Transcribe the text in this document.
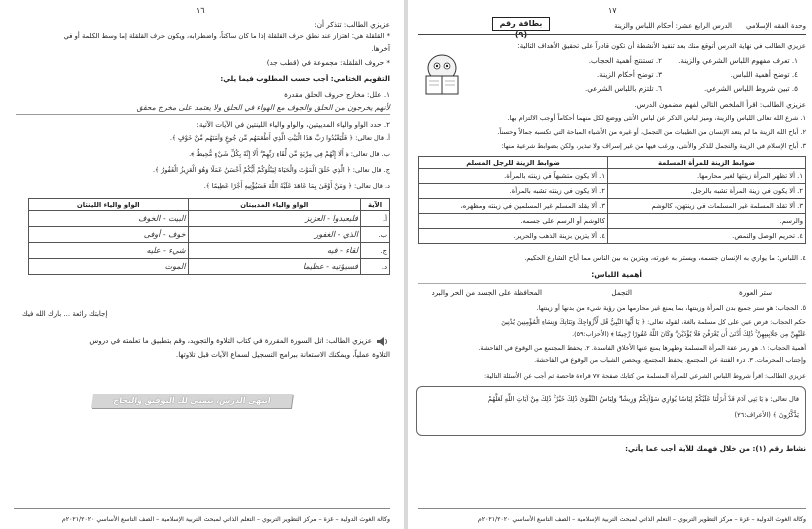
١٦
عزيزي الطالب: تتذكر أن:
* القلقلة هي: اهتزاز عند نطق حرف القلقلة إذا ما كان ساكناً، واضطرابه، ويكون حرف القلقلة إما وسط الكلمة أو في
آخرها.
* حروف القلقلة: مجموعة في (قطب جد)
التقويم الختامي: أجب حسب المطلوب فيما يلي:
١. علل: مخارج حروف الحلق مقدرة
لأنهم يخرجون من الحلق والجوف مع الهواء في الحلق ولا يعتمد على مخرج محقق
٢. حدد الواو والياء المدييتين، والواو والياء اللينتين في الآيات الآتية:
أ. قال تعالى: ﴿ فَلْيَعْبُدُوا رَبَّ هَذَا الْبَيْتِ الَّذِي أَطْعَمَهُم مِّن جُوعٍ وَآمَنَهُم مِّنْ خَوْفٍ ﴾.
ب. قال تعالى: ﴿ أَلَا إِنَّهُمْ فِي مِرْيَةٍ مِّن لِّقَاءِ رَبِّهِمْ ۗ أَلَا إِنَّهُ بِكُلِّ شَيْءٍ مُّحِيطٌ ﴾.
ج. قال تعالى: ﴿ الَّذِي خَلَقَ الْمَوْتَ وَالْحَيَاةَ لِيَبْلُوَكُمْ أَيُّكُمْ أَحْسَنُ عَمَلًا وَهُوَ الْعَزِيزُ الْغَفُورُ ﴾.
د. قال تعالى: ﴿ وَمَنْ أَوْفَىٰ بِمَا عَاهَدَ عَلَيْهُ اللَّهَ فَسَيُؤْتِيهِ أَجْرًا عَظِيمًا ﴾.
الآية	الواو والياء المدييتان	الواو والياء اللينتان
أ.	فليعبدوا - العزيز	البيت - الخوف
ب.	الذي - الغفور	خوف - أوفى
ج.	لقاء - فيه	شيء - عليه
د.	فسيؤتيه - عظيما	الموت
إجابتك رائعة ... بارك الله فيك
عزيزي الطالب: اتل السورة المقررة في كتاب التلاوة والتجويد، وقم بتطبيق ما تعلمته في دروس
التلاوة عملياً، ويمكنك الاستعانة ببرامج التسجيل لسماع الآيات قبل تلاوتها.
انتهى الدرس، نتمنى لك التوفيق والنجاح
وكالة الغوث الدولية – غزة – مركز التطوير التربوي – التعلم الذاتي لمبحث التربية الإسلامية – الصف التاسع الأساسي ٢٠٢١/٢٠٢٠م
١٧
وحدة الفقه الإسلامي
بطاقة رقم	الدرس الرابع عشر: أحكام اللباس والزينة
عزيزي الطالب في نهاية الدرس أتوقع منك بعد تنفيذ الأنشطة أن تكون قادراً على تحقيق الأهداف التالية:
١. تعرف مفهوم اللباس الشرعي والزينة.
٢. تستنتج أهمية الحجاب.
٤. توضح أهمية اللباس.
٣. توضح أحكام الزينة.
٥. تبين شروط اللباس الشرعي.
٦. تلتزم باللباس الشرعي.
عزيزي الطالب: اقرأ الملخص التالي لفهم مضمون الدرس.
١. شرع الله تعالى اللباس والزينة، وميز لباس الذكر عن لباس الأنثى ووضع لكل منهما أحكاماً أوجب الالتزام بها.
٢. أباح الله الزينة ما لم يتعد الإنسان من الطيبات من التجمل، أو غيره من الأشياء المباحة التي تكسبه جمالاً وحسناً.
٣. أباح الإسلام في الزينة والتجمل للذكر والأنثى، ورغب فيها من غير إسراف ولا تبذير، ولكن بضوابط شرعية منها:
ضوابط الزينة للمرأة المسلمة	ضوابط الزينة للرجل المسلم
١. ألا تظهر المرأة زينتها لغير محارمها.	١. ألا يكون متشبهاً في زينته بالمرأة.
٢. ألا يكون في زينة المرأة تشبه بالرجل.	٢. ألا يكون في زينته تشبه بالمرأة.
٣. ألا تقلد المسلمة غير المسلمات في زينتهن، كالوشم	٣. ألا يقلد المسلم غير المسلمين في زينته ومظهره،
والرسم.	كالوشم أو الرسم على جسمه.
٤. تحريم الوصل والنمص.	٤. ألا يتزين بزينة الذهب والحرير.
٤. اللباس: ما يواري به الإنسان جسمه، ويستر به عورته، ويتزين به بين الناس مما أباح الشارع الحكيم.
أهمية اللباس:
ستر العورة
التجمل
المحافظة على الجسد من الحر والبرد
٥. الحجاب: هو ستر جميع بدن المرأة وزينتها، بما يمنع غير محارمها من رؤية شيء من بدنها أو زينتها.
حكم الحجاب: فرض عين على كل مسلمة بالغة، لقوله تعالى: ﴿ يَا أَيُّهَا النَّبِيُّ قُل لِّأَزْوَاجِكَ وَبَنَاتِكَ وَنِسَاءِ الْمُؤْمِنِينَ يُدْنِينَ
عَلَيْهِنَّ مِن جَلَابِيبِهِنَّ ۚ ذَٰلِكَ أَدْنَىٰ أَن يُعْرَفْنَ فَلَا يُؤْذَيْنَ ۗ وَكَانَ اللَّهُ غَفُورًا رَّحِيمًا ﴾ (الأحزاب:٥٩).
أهمية الحجاب: ١. هو رمز عفة المرأة المسلمة وطهرها يمنع عنها الأخلاق الفاسدة. ٢. يحفظ المجتمع من الوقوع في الفاحشة.
وإجتناب المحرمات. ٣. درء الفتنة عن المجتمع. يحفظ المجتمع، ويحصن الشباب من الوقوع في الفاحشة.
عزيزي الطالب: اقرأ شروط اللباس الشرعي للمرأة المسلمة من كتابك صفحة ٧٧ قراءة فاحصة ثم أجب عن الأسئلة التالية:
قال تعالى: ﴿ يَا بَنِي آدَمَ قَدْ أَنزَلْنَا عَلَيْكُمْ لِبَاسًا يُوَارِي سَوْآتِكُمْ وَرِيشًا ۖ وَلِبَاسُ التَّقْوَىٰ ذَٰلِكَ خَيْرٌ ۚ ذَٰلِكَ مِنْ آيَاتِ اللَّهِ لَعَلَّهُمْ
يَذَّكَّرُونَ ﴾ (الأعراف:٢٦)
نشاط رقم (١): من خلال فهمك للآية أجب عما يأتي:
وكالة الغوث الدولية – غزة – مركز التطوير التربوي – التعلم الذاتي لمبحث التربية الإسلامية – الصف التاسع الأساسي ٢٠٢١/٢٠٢٠م
